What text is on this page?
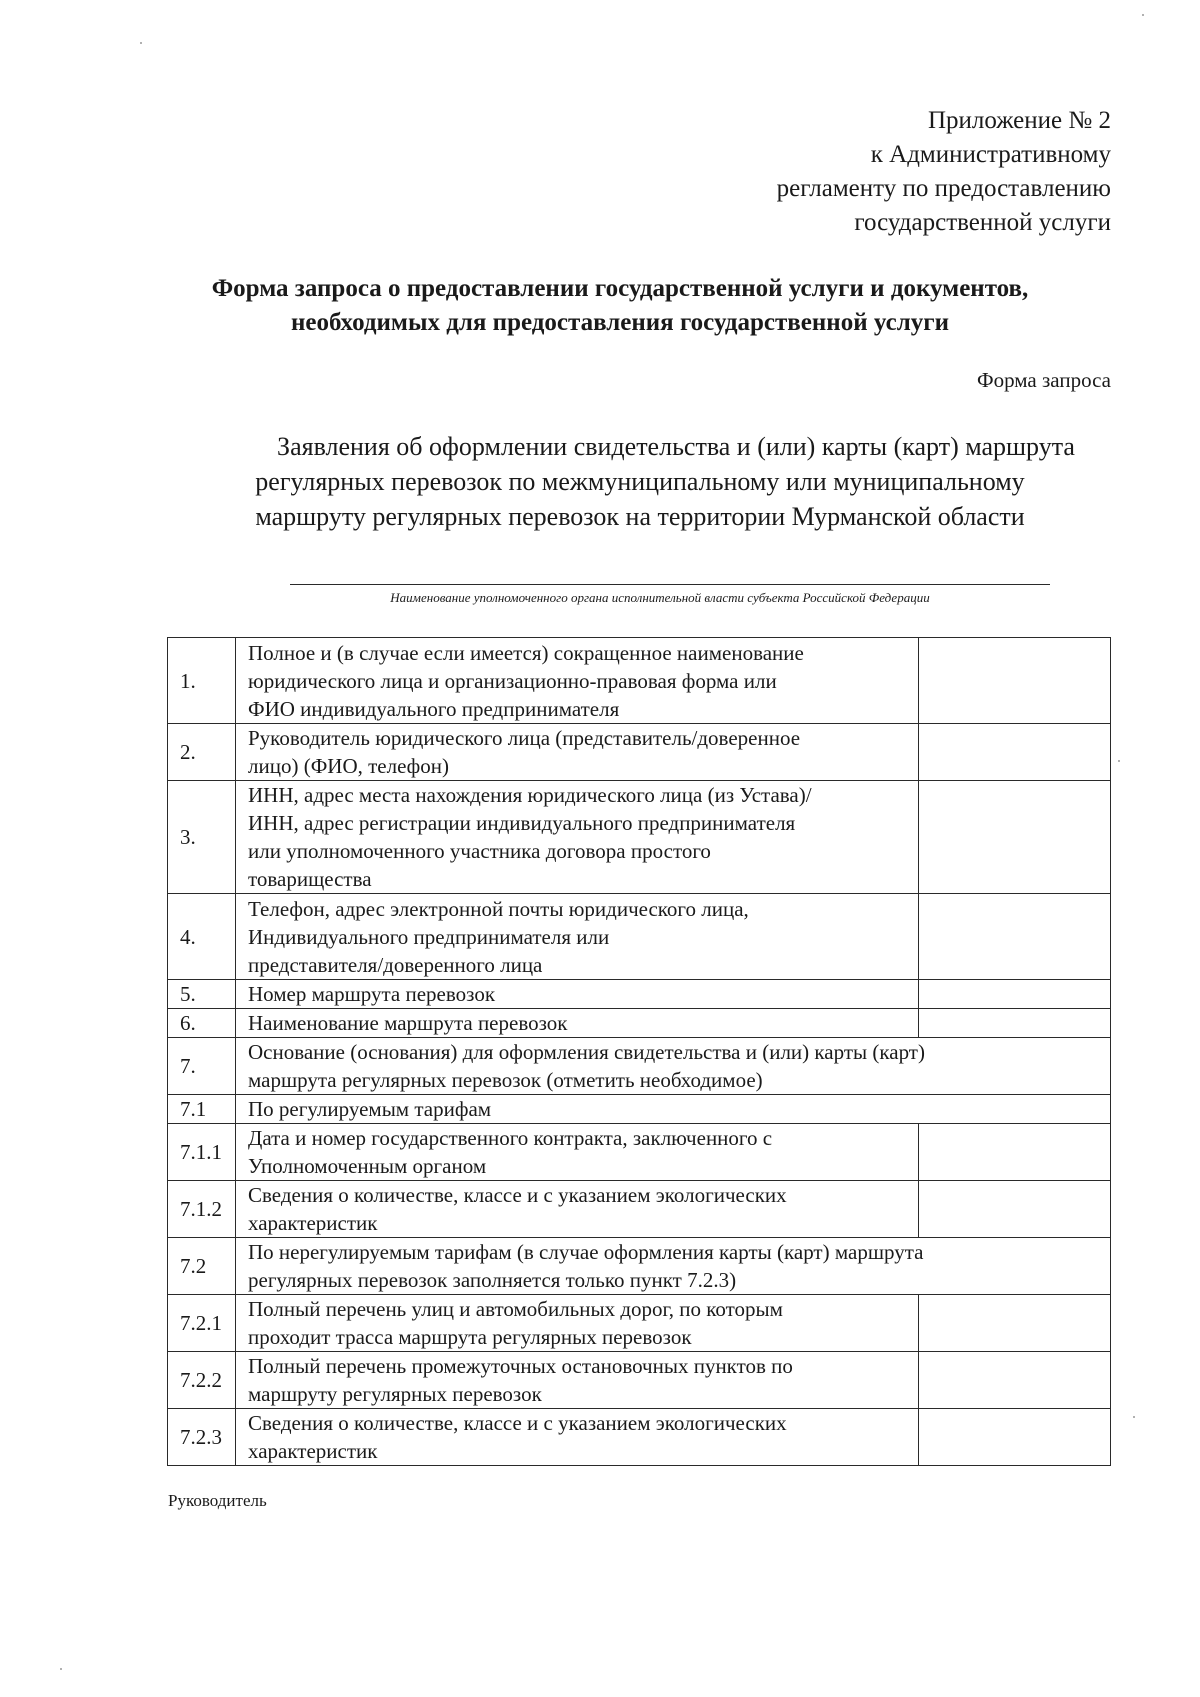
Приложение № 2
к Административному
регламенту по предоставлению
государственной услуги
Форма запроса о предоставлении государственной услуги и документов,
необходимых для предоставления государственной услуги
Форма запроса
Заявления об оформлении свидетельства и (или) карты (карт) маршрута
регулярных перевозок по межмуниципальному или муниципальному
маршруту регулярных перевозок на территории Мурманской области
Наименование уполномоченного органа исполнительной власти субъекта Российской Федерации
1.	Полное и (в случае если имеется) сокращенное наименование
юридического лица и организационно-правовая форма или
ФИО индивидуального предпринимателя	

2.	Руководитель юридического лица (представитель/доверенное
лицо) (ФИО, телефон)	

3.	ИНН, адрес места нахождения юридического лица (из Устава)/
ИНН, адрес регистрации индивидуального предпринимателя
или уполномоченного участника договора простого
товарищества	

4.	Телефон, адрес электронной почты юридического лица,
Индивидуального предпринимателя или
представителя/доверенного лица	

5.	Номер маршрута перевозок	

6.	Наименование маршрута перевозок	

7.	Основание (основания) для оформления свидетельства и (или) карты (карт)
маршрута регулярных перевозок (отметить необходимое)	

7.1	По регулируемым тарифам	

7.1.1	Дата и номер государственного контракта, заключенного с
Уполномоченным органом	

7.1.2	Сведения о количестве, классе и с указанием экологических
характеристик	

7.2	По нерегулируемым тарифам (в случае оформления карты (карт) маршрута
регулярных перевозок заполняется только пункт 7.2.3)	

7.2.1	Полный перечень улиц и автомобильных дорог, по которым
проходит трасса маршрута регулярных перевозок	

7.2.2	Полный перечень промежуточных остановочных пунктов по
маршруту регулярных перевозок	

7.2.3	Сведения о количестве, классе и с указанием экологических
характеристик	

Руководитель
